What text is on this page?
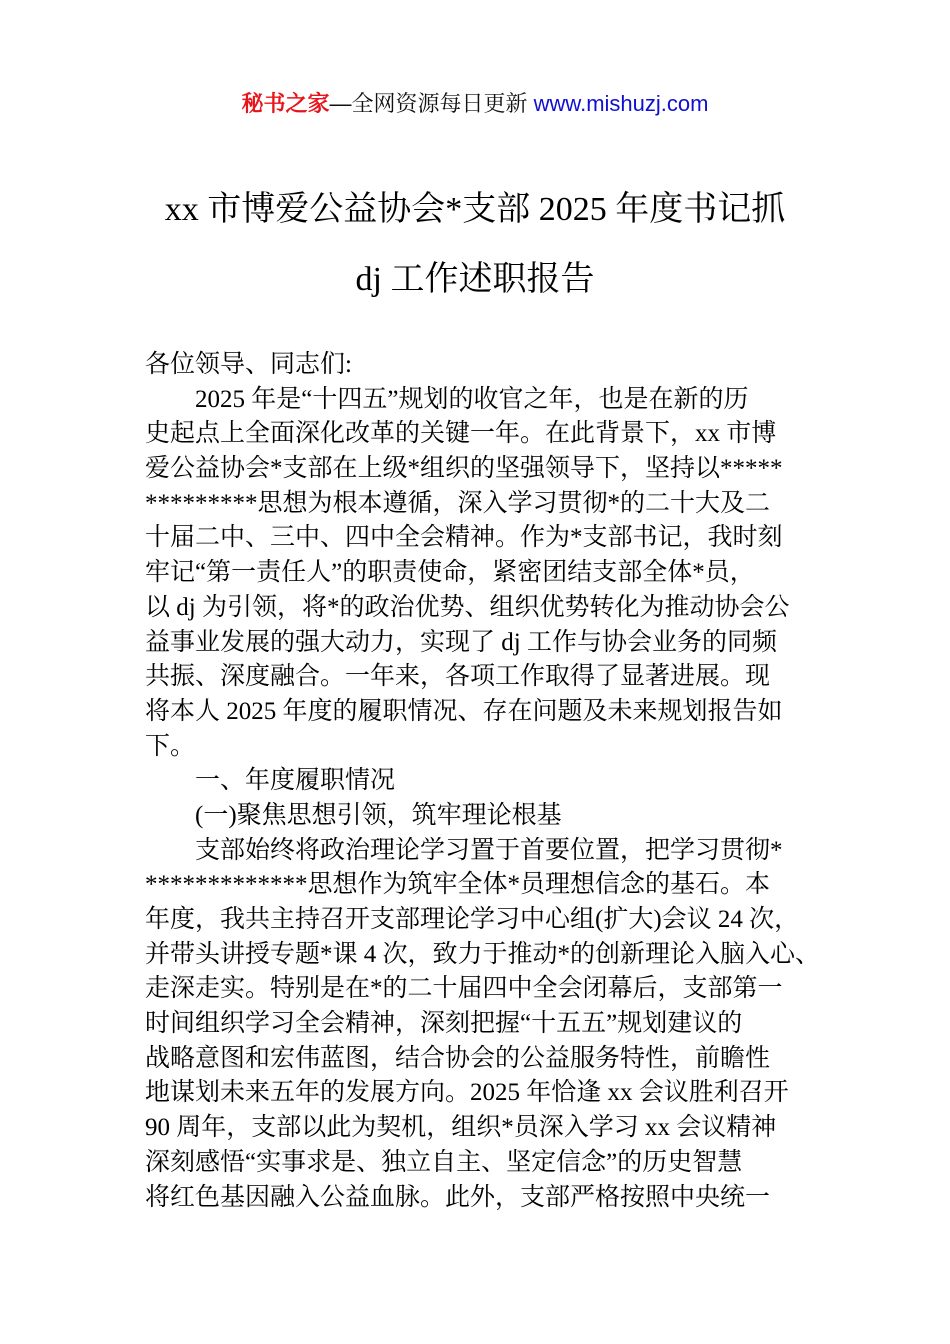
秘书之家—全网资源每日更新 www.mishuzj.com
xx 市博爱公益协会*支部 2025 年度书记抓
dj 工作述职报告
各位领导、同志们:
2025 年是“十四五”规划的收官之年，也是在新的历
史起点上全面深化改革的关键一年。在此背景下，xx 市博
爱公益协会*支部在上级*组织的坚强领导下，坚持以*****
*********思想为根本遵循，深入学习贯彻*的二十大及二
十届二中、三中、四中全会精神。作为*支部书记，我时刻
牢记“第一责任人”的职责使命，紧密团结支部全体*员，
以 dj 为引领，将*的政治优势、组织优势转化为推动协会公
益事业发展的强大动力，实现了 dj 工作与协会业务的同频
共振、深度融合。一年来，各项工作取得了显著进展。现
将本人 2025 年度的履职情况、存在问题及未来规划报告如
下。
一、年度履职情况
(一)聚焦思想引领，筑牢理论根基
支部始终将政治理论学习置于首要位置，把学习贯彻*
*************思想作为筑牢全体*员理想信念的基石。本
年度，我共主持召开支部理论学习中心组(扩大)会议 24 次，
并带头讲授专题*课 4 次，致力于推动*的创新理论入脑入心、
走深走实。特别是在*的二十届四中全会闭幕后，支部第一
时间组织学习全会精神，深刻把握“十五五”规划建议的
战略意图和宏伟蓝图，结合协会的公益服务特性，前瞻性
地谋划未来五年的发展方向。2025 年恰逢 xx 会议胜利召开
90 周年，支部以此为契机，组织*员深入学习 xx 会议精神
深刻感悟“实事求是、独立自主、坚定信念”的历史智慧
将红色基因融入公益血脉。此外，支部严格按照中央统一
